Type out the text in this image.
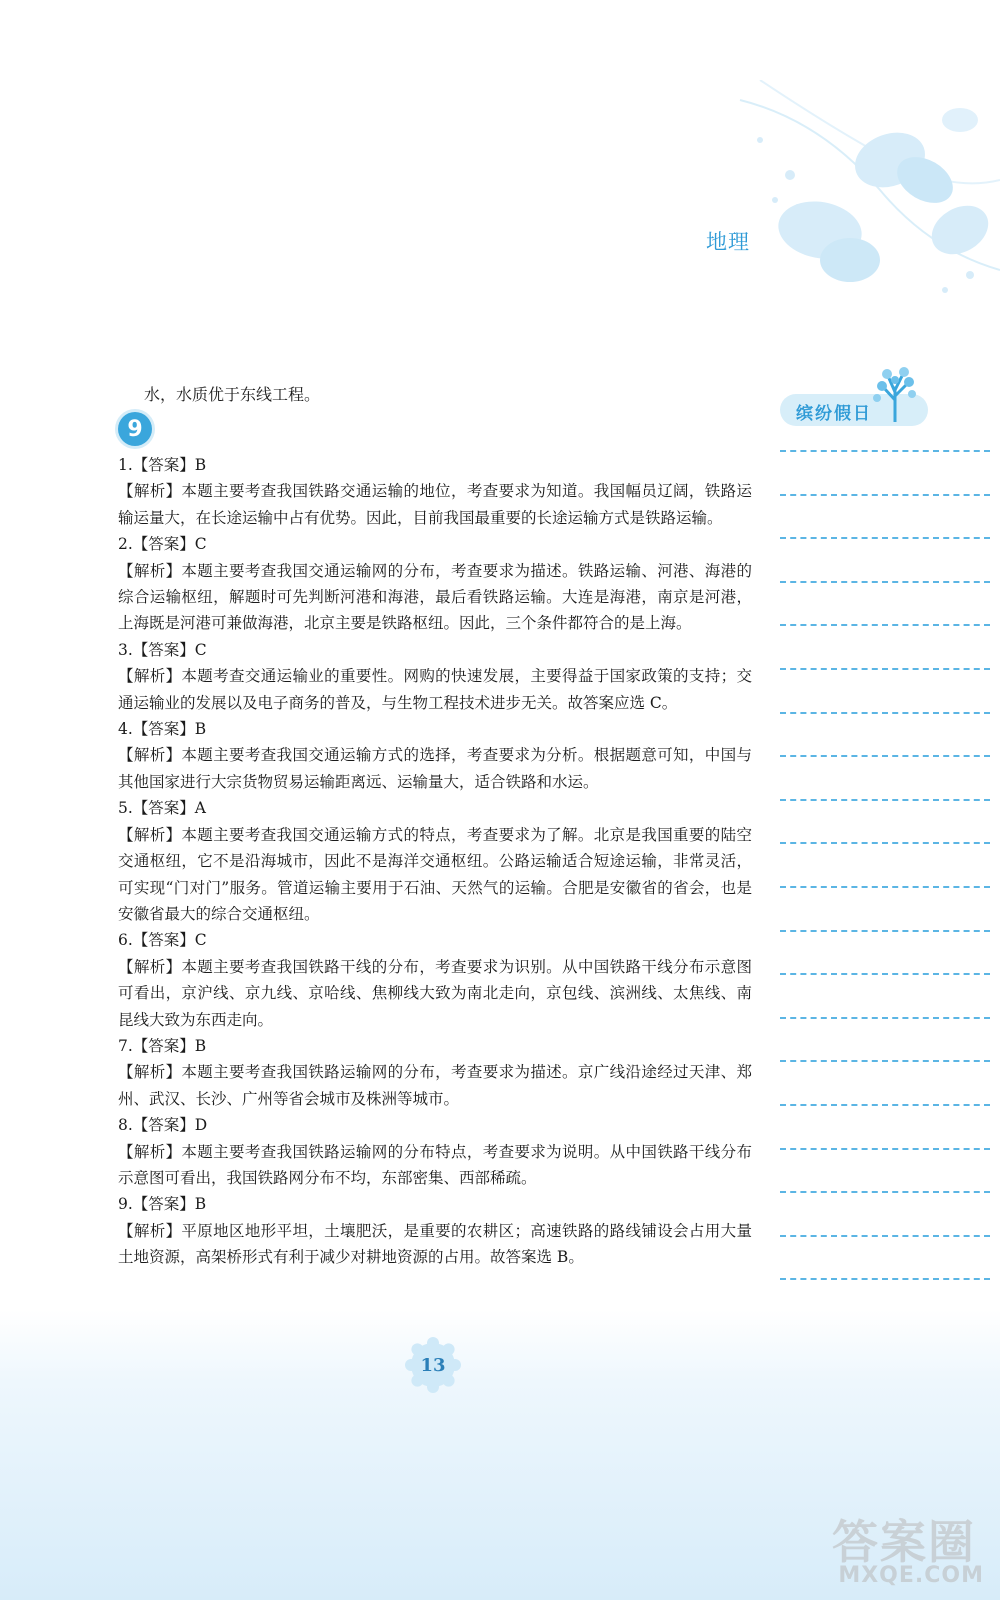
地理
水，水质优于东线工程。
9
1.【答案】B
【解析】本题主要考查我国铁路交通运输的地位，考查要求为知道。我国幅员辽阔，铁路运输运量大，在长途运输中占有优势。因此，目前我国最重要的长途运输方式是铁路运输。
2.【答案】C
【解析】本题主要考查我国交通运输网的分布，考查要求为描述。铁路运输、河港、海港的综合运输枢纽，解题时可先判断河港和海港，最后看铁路运输。大连是海港，南京是河港，上海既是河港可兼做海港，北京主要是铁路枢纽。因此，三个条件都符合的是上海。
3.【答案】C
【解析】本题考查交通运输业的重要性。网购的快速发展，主要得益于国家政策的支持；交通运输业的发展以及电子商务的普及，与生物工程技术进步无关。故答案应选 C。
4.【答案】B
【解析】本题主要考查我国交通运输方式的选择，考查要求为分析。根据题意可知，中国与其他国家进行大宗货物贸易运输距离远、运输量大，适合铁路和水运。
5.【答案】A
【解析】本题主要考查我国交通运输方式的特点，考查要求为了解。北京是我国重要的陆空交通枢纽，它不是沿海城市，因此不是海洋交通枢纽。公路运输适合短途运输，非常灵活，可实现“门对门”服务。管道运输主要用于石油、天然气的运输。合肥是安徽省的省会，也是安徽省最大的综合交通枢纽。
6.【答案】C
【解析】本题主要考查我国铁路干线的分布，考查要求为识别。从中国铁路干线分布示意图可看出，京沪线、京九线、京哈线、焦柳线大致为南北走向，京包线、滨洲线、太焦线、南昆线大致为东西走向。
7.【答案】B
【解析】本题主要考查我国铁路运输网的分布，考查要求为描述。京广线沿途经过天津、郑州、武汉、长沙、广州等省会城市及株洲等城市。
8.【答案】D
【解析】本题主要考查我国铁路运输网的分布特点，考查要求为说明。从中国铁路干线分布示意图可看出，我国铁路网分布不均，东部密集、西部稀疏。
9.【答案】B
【解析】平原地区地形平坦，土壤肥沃，是重要的农耕区；高速铁路的路线铺设会占用大量土地资源，高架桥形式有利于减少对耕地资源的占用。故答案选 B。
缤纷假日
13
答案圈
MXQE.COM
